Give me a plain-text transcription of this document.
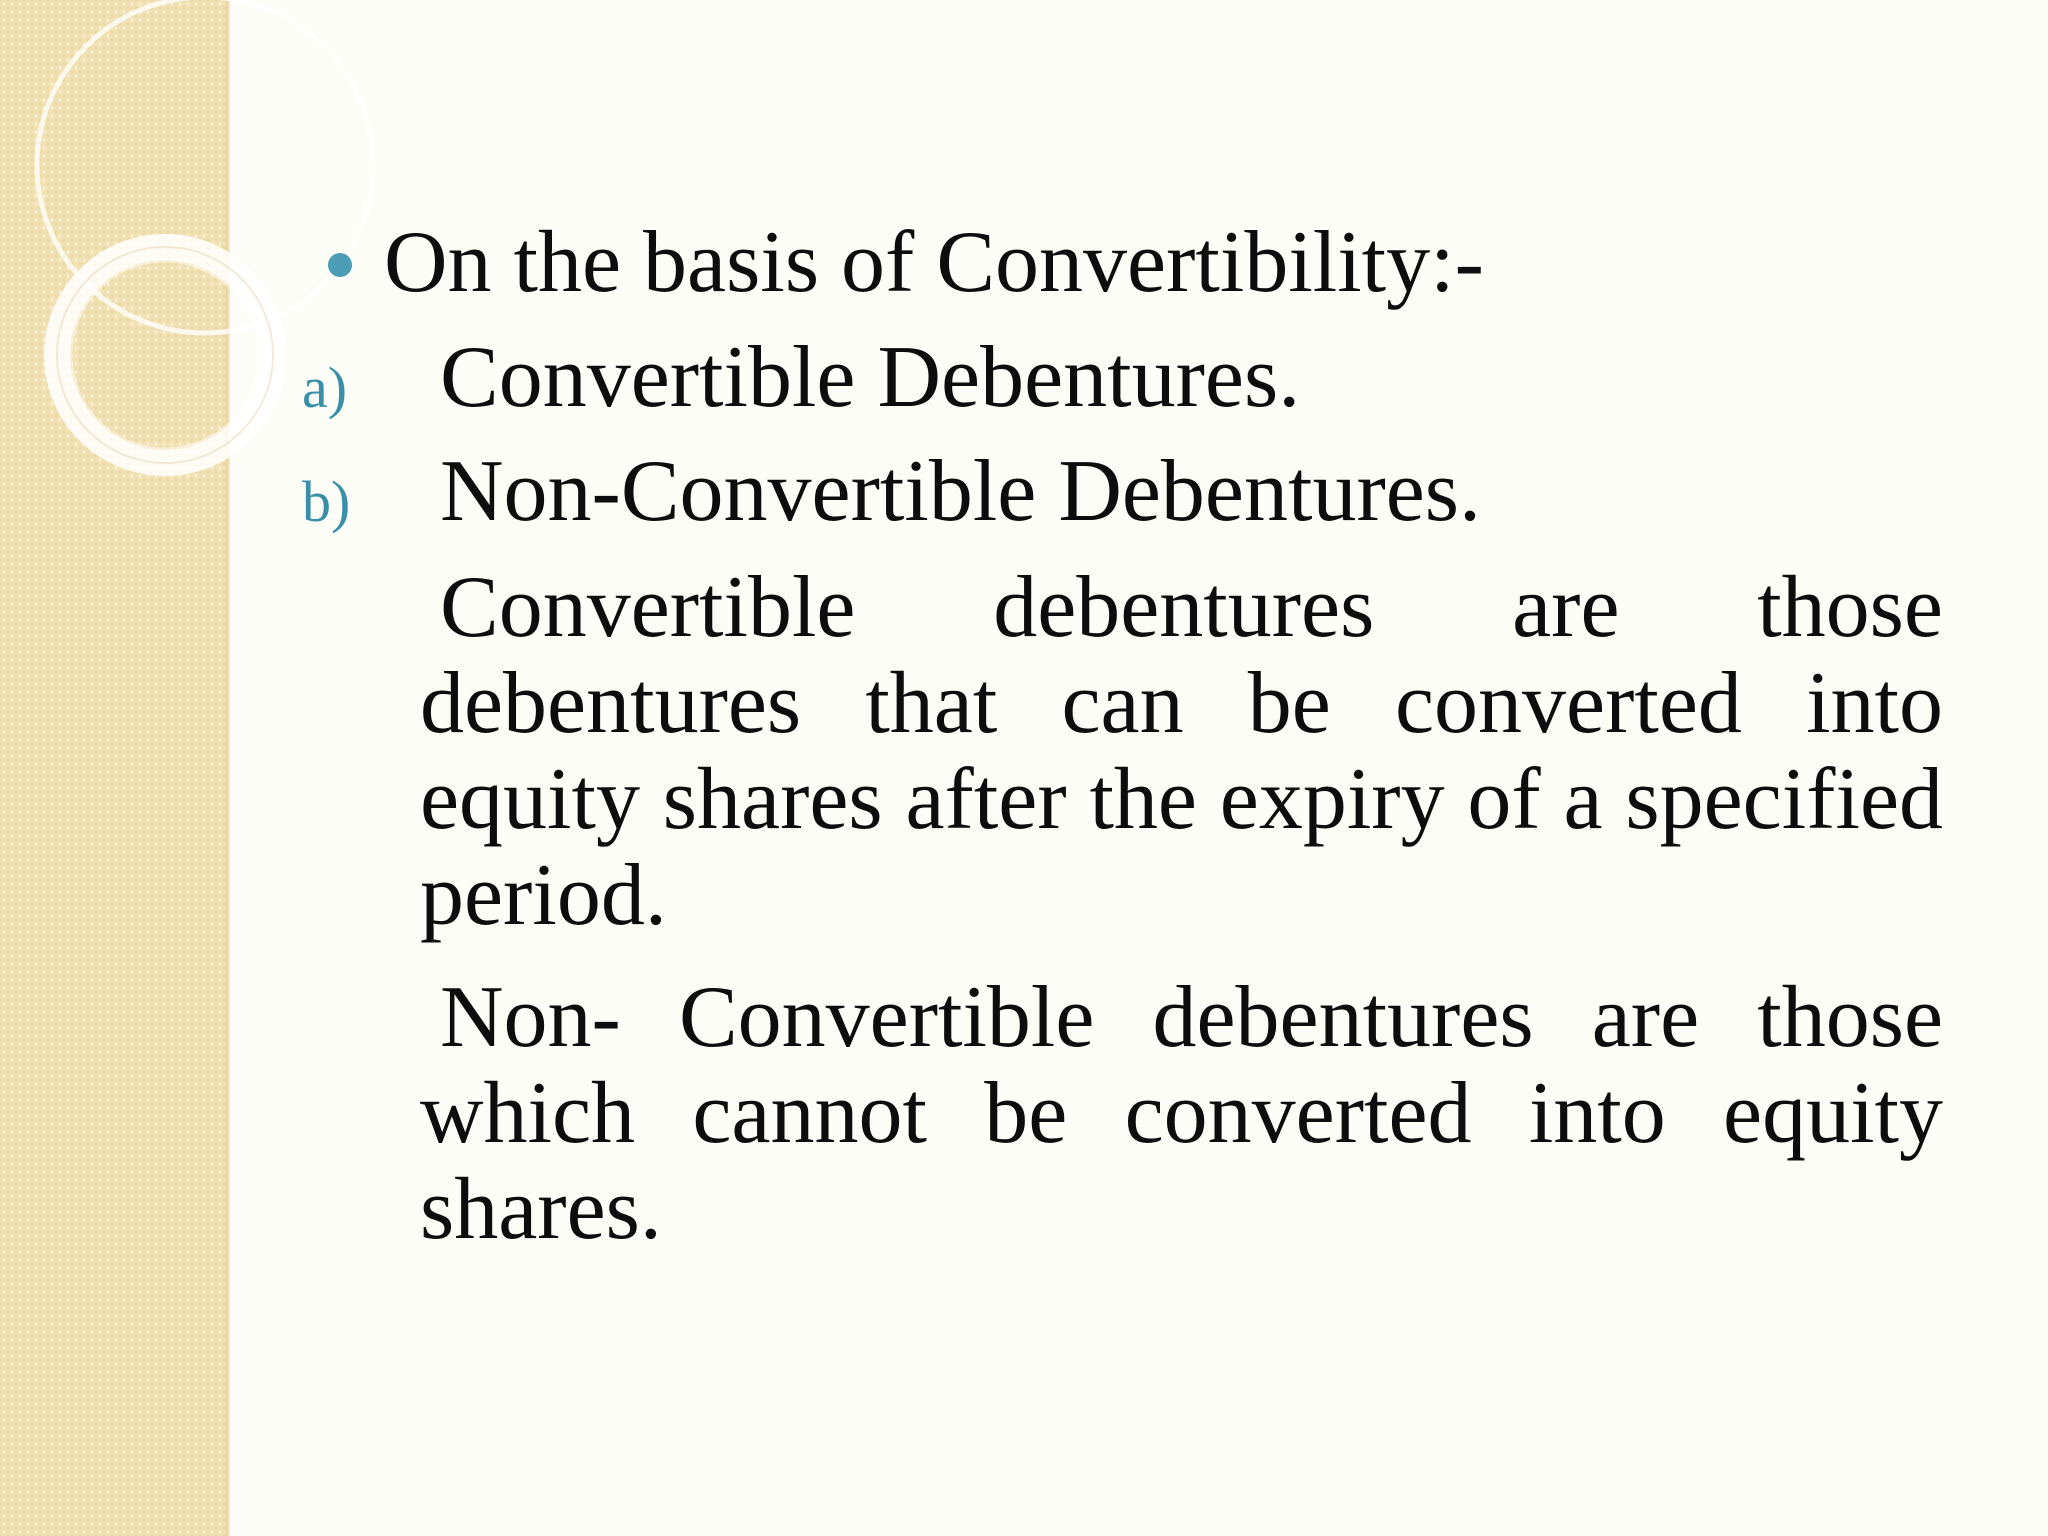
On the basis of Convertibility:-
a) Convertible Debentures.
b) Non-Convertible Debentures.

Convertible debentures are those debentures that can be converted into equity shares after the expiry of a specified period.

Non- Convertible debentures are those which cannot be converted into equity shares.
